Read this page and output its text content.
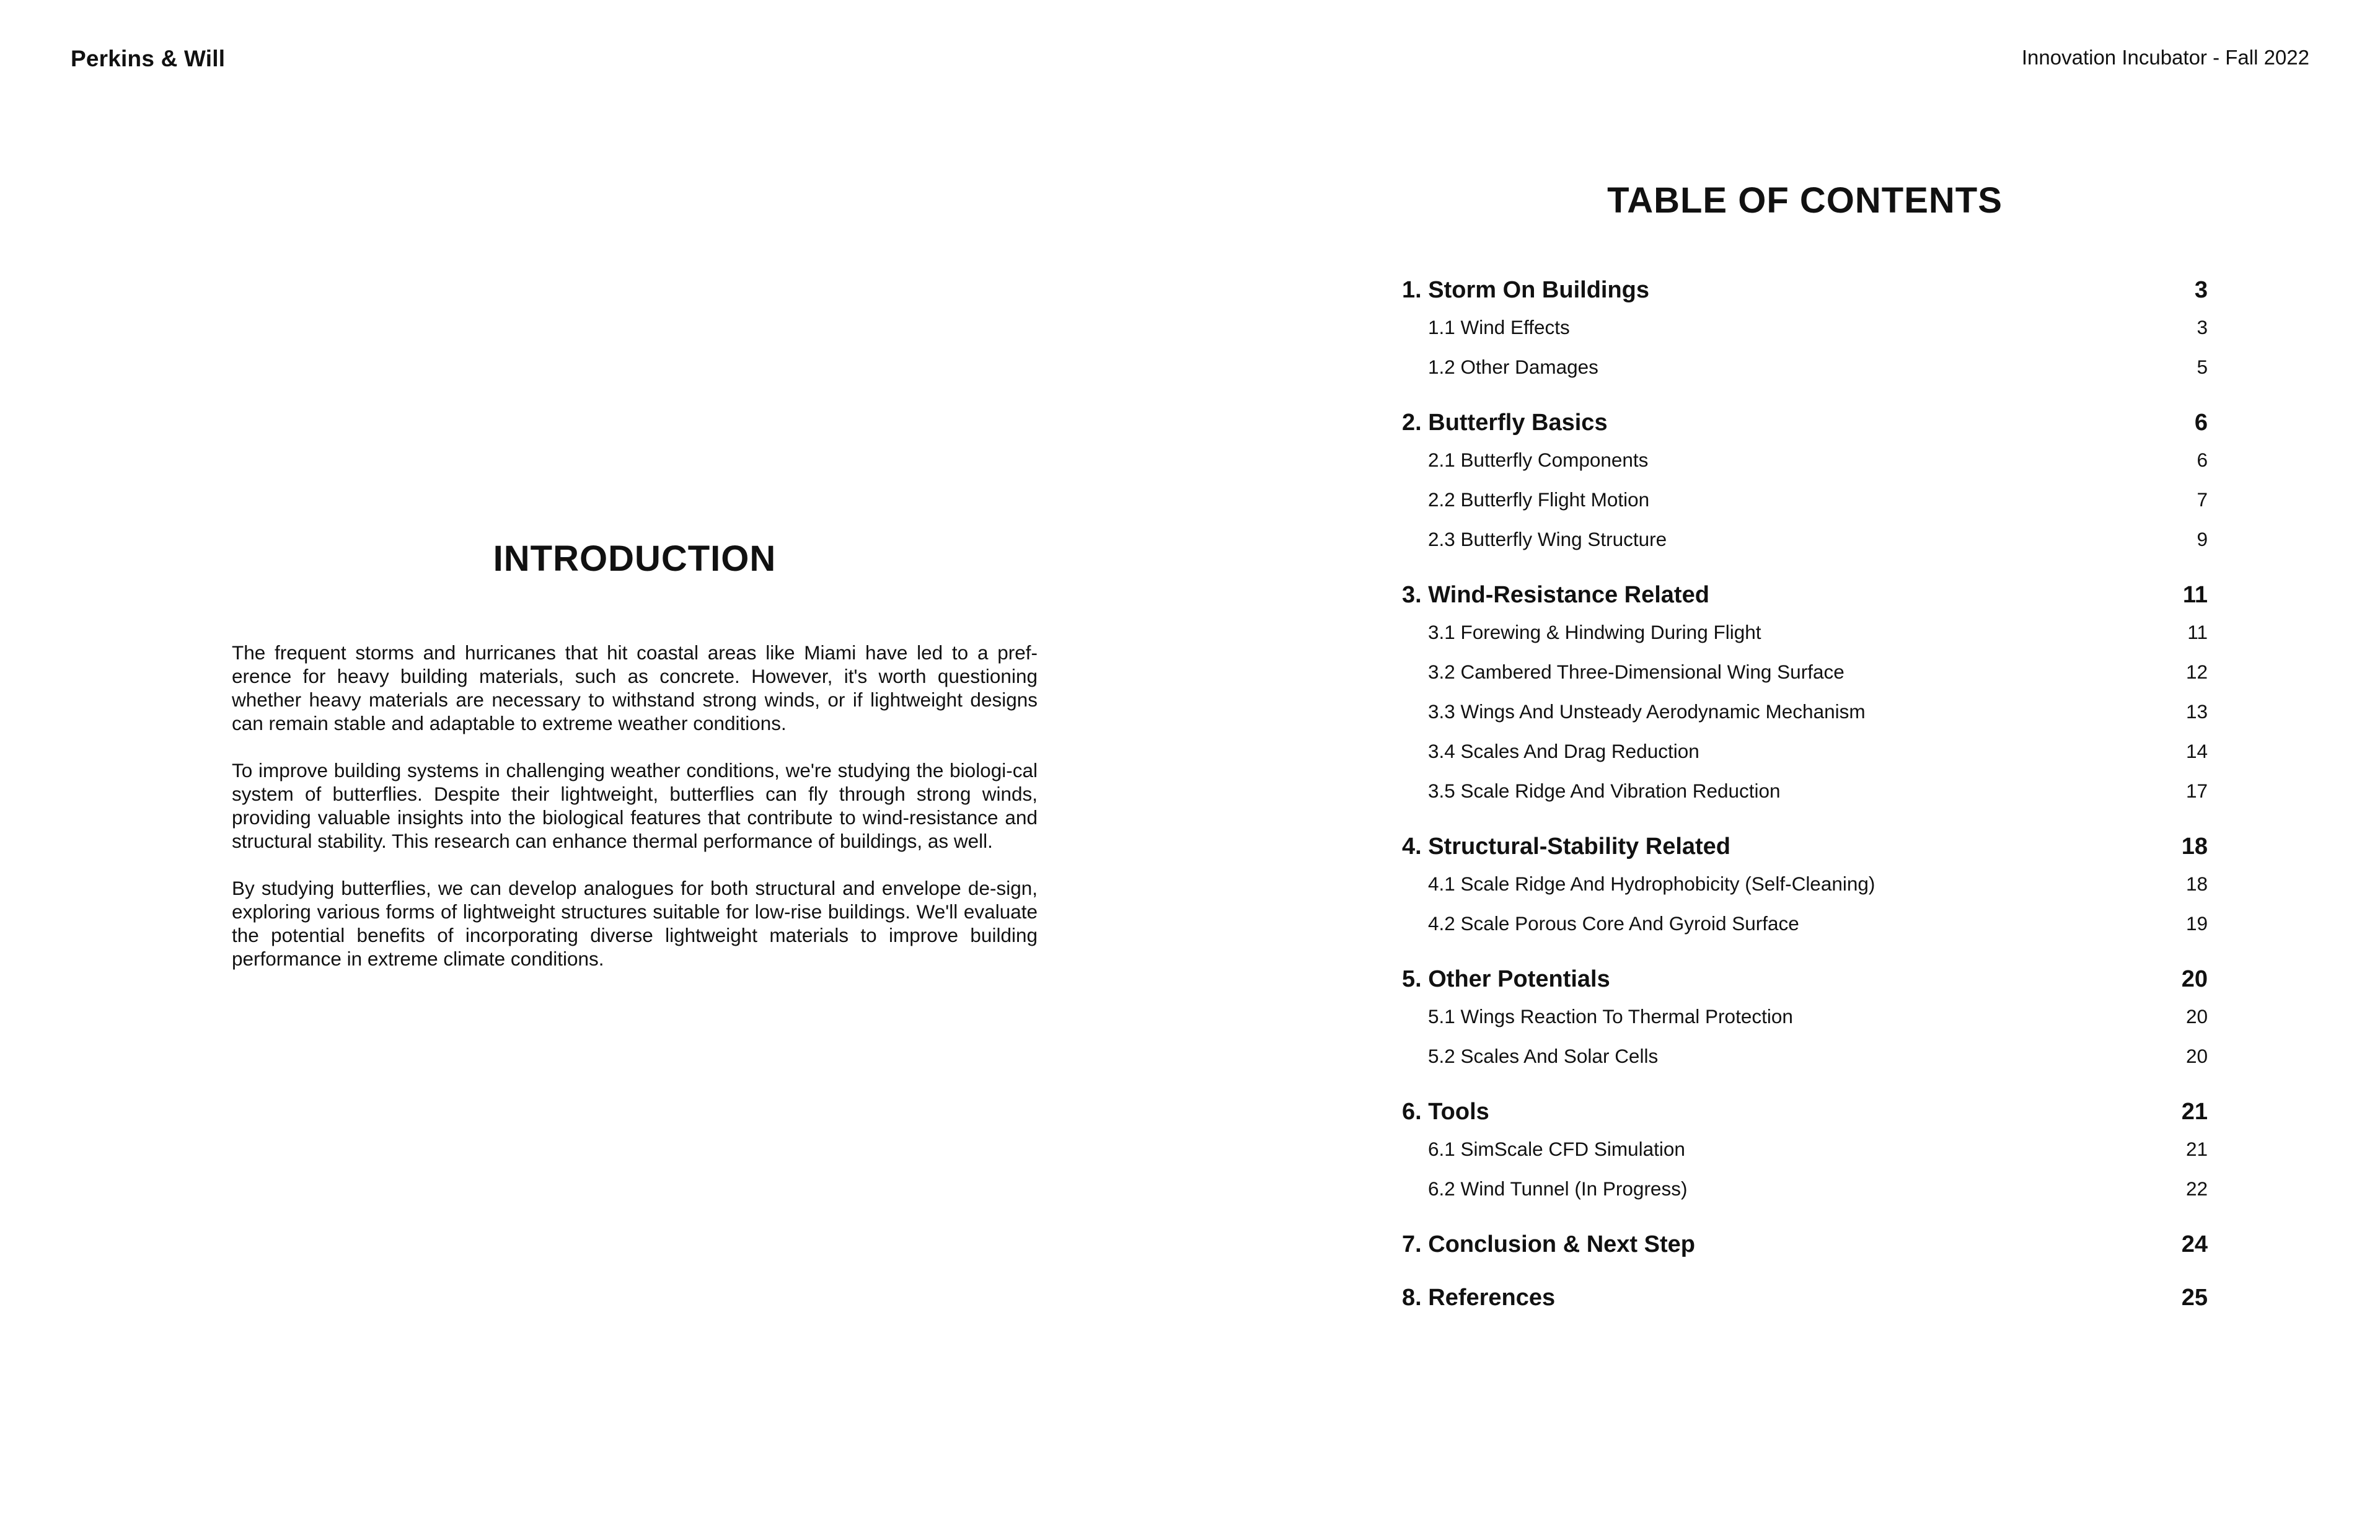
Perkins & Will	Innovation Incubator - Fall 2022
INTRODUCTION

The frequent storms and hurricanes that hit coastal areas like Miami have led to a pref-erence for heavy building materials, such as concrete. However, it's worth questioning whether heavy materials are necessary to withstand strong winds, or if lightweight designs can remain stable and adaptable to extreme weather conditions.

To improve building systems in challenging weather conditions, we're studying the biologi-cal system of butterflies. Despite their lightweight, butterflies can fly through strong winds, providing valuable insights into the biological features that contribute to wind-resistance and structural stability. This research can enhance thermal performance of buildings, as well.

By studying butterflies, we can develop analogues for both structural and envelope de-sign, exploring various forms of lightweight structures suitable for low-rise buildings. We'll evaluate the potential benefits of incorporating diverse lightweight materials to improve building performance in extreme climate conditions.

TABLE OF CONTENTS
1. Storm On Buildings	3
1.1 Wind Effects	3
1.2 Other Damages	5
2. Butterfly Basics	6
2.1 Butterfly Components	6
2.2 Butterfly Flight Motion	7
2.3 Butterfly Wing Structure	9
3. Wind-Resistance Related	11
3.1 Forewing & Hindwing During Flight	11
3.2 Cambered Three-Dimensional Wing Surface	12
3.3 Wings And Unsteady Aerodynamic Mechanism	13
3.4 Scales And Drag Reduction	14
3.5 Scale Ridge And Vibration Reduction	17
4. Structural-Stability Related	18
4.1 Scale Ridge And Hydrophobicity (Self-Cleaning)	18
4.2 Scale Porous Core And Gyroid Surface	19
5. Other Potentials	20
5.1 Wings Reaction To Thermal Protection	20
5.2 Scales And Solar Cells	20
6. Tools	21
6.1 SimScale CFD Simulation	21
6.2 Wind Tunnel (In Progress)	22
7. Conclusion & Next Step	24
8. References	25
